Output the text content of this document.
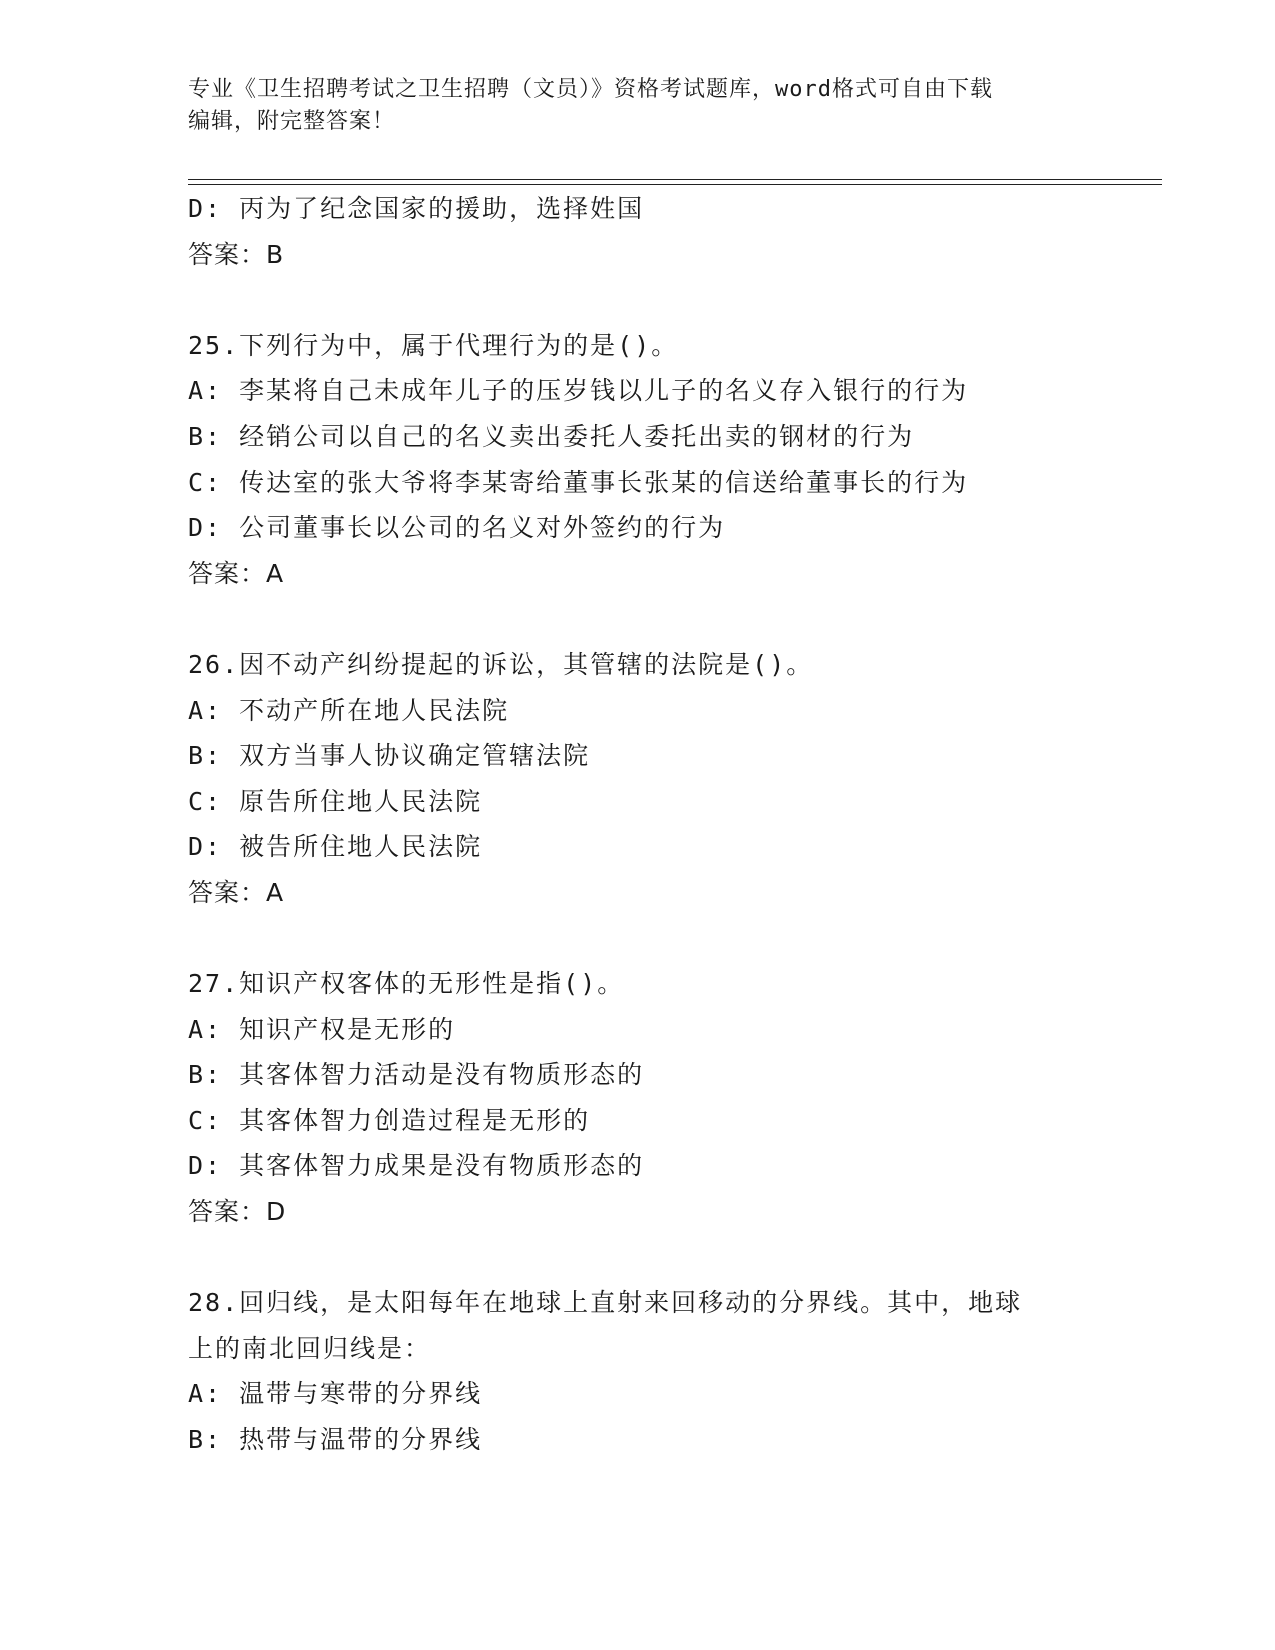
专业《卫生招聘考试之卫生招聘（文员）》资格考试题库，word格式可自由下载
编辑，附完整答案！
D: 丙为了纪念国家的援助，选择姓国
答案：B
25.下列行为中，属于代理行为的是()。
A: 李某将自己未成年儿子的压岁钱以儿子的名义存入银行的行为
B: 经销公司以自己的名义卖出委托人委托出卖的钢材的行为
C: 传达室的张大爷将李某寄给董事长张某的信送给董事长的行为
D: 公司董事长以公司的名义对外签约的行为
答案：A
26.因不动产纠纷提起的诉讼，其管辖的法院是()。
A: 不动产所在地人民法院
B: 双方当事人协议确定管辖法院
C: 原告所住地人民法院
D: 被告所住地人民法院
答案：A
27.知识产权客体的无形性是指()。
A: 知识产权是无形的
B: 其客体智力活动是没有物质形态的
C: 其客体智力创造过程是无形的
D: 其客体智力成果是没有物质形态的
答案：D
28.回归线，是太阳每年在地球上直射来回移动的分界线。其中，地球
上的南北回归线是：
A: 温带与寒带的分界线
B: 热带与温带的分界线
